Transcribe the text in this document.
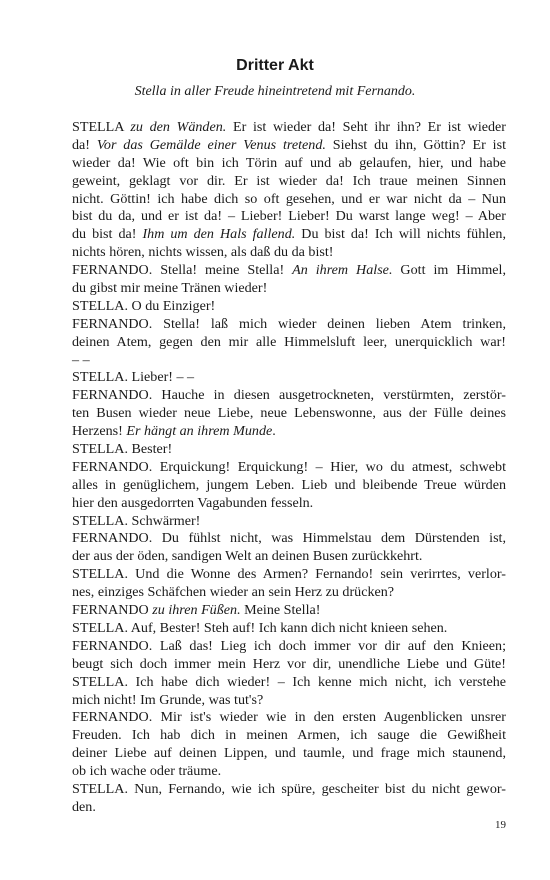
Dritter Akt
Stella in aller Freude hineintretend mit Fernando.
STELLA zu den Wänden. Er ist wieder da! Seht ihr ihn? Er ist wieder
da! Vor das Gemälde einer Venus tretend. Siehst du ihn, Göttin? Er ist
wieder da! Wie oft bin ich Törin auf und ab gelaufen, hier, und habe
geweint, geklagt vor dir. Er ist wieder da! Ich traue meinen Sinnen
nicht. Göttin! ich habe dich so oft gesehen, und er war nicht da – Nun
bist du da, und er ist da! – Lieber! Lieber! Du warst lange weg! – Aber
du bist da! Ihm um den Hals fallend. Du bist da! Ich will nichts fühlen,
nichts hören, nichts wissen, als daß du da bist!
FERNANDO. Stella! meine Stella! An ihrem Halse. Gott im Himmel,
du gibst mir meine Tränen wieder!
STELLA. O du Einziger!
FERNANDO. Stella! laß mich wieder deinen lieben Atem trinken,
deinen Atem, gegen den mir alle Himmelsluft leer, unerquicklich war!
– –
STELLA. Lieber! – –
FERNANDO. Hauche in diesen ausgetrockneten, verstürmten, zerstör-
ten Busen wieder neue Liebe, neue Lebenswonne, aus der Fülle deines
Herzens! Er hängt an ihrem Munde.
STELLA. Bester!
FERNANDO. Erquickung! Erquickung! – Hier, wo du atmest, schwebt
alles in genüglichem, jungem Leben. Lieb und bleibende Treue würden
hier den ausgedorrten Vagabunden fesseln.
STELLA. Schwärmer!
FERNANDO. Du fühlst nicht, was Himmelstau dem Dürstenden ist,
der aus der öden, sandigen Welt an deinen Busen zurückkehrt.
STELLA. Und die Wonne des Armen? Fernando! sein verirrtes, verlor-
nes, einziges Schäfchen wieder an sein Herz zu drücken?
FERNANDO zu ihren Füßen. Meine Stella!
STELLA. Auf, Bester! Steh auf! Ich kann dich nicht knieen sehen.
FERNANDO. Laß das! Lieg ich doch immer vor dir auf den Knieen;
beugt sich doch immer mein Herz vor dir, unendliche Liebe und Güte!
STELLA. Ich habe dich wieder! – Ich kenne mich nicht, ich verstehe
mich nicht! Im Grunde, was tut's?
FERNANDO. Mir ist's wieder wie in den ersten Augenblicken unsrer
Freuden. Ich hab dich in meinen Armen, ich sauge die Gewißheit
deiner Liebe auf deinen Lippen, und taumle, und frage mich staunend,
ob ich wache oder träume.
STELLA. Nun, Fernando, wie ich spüre, gescheiter bist du nicht gewor-
den.
19
